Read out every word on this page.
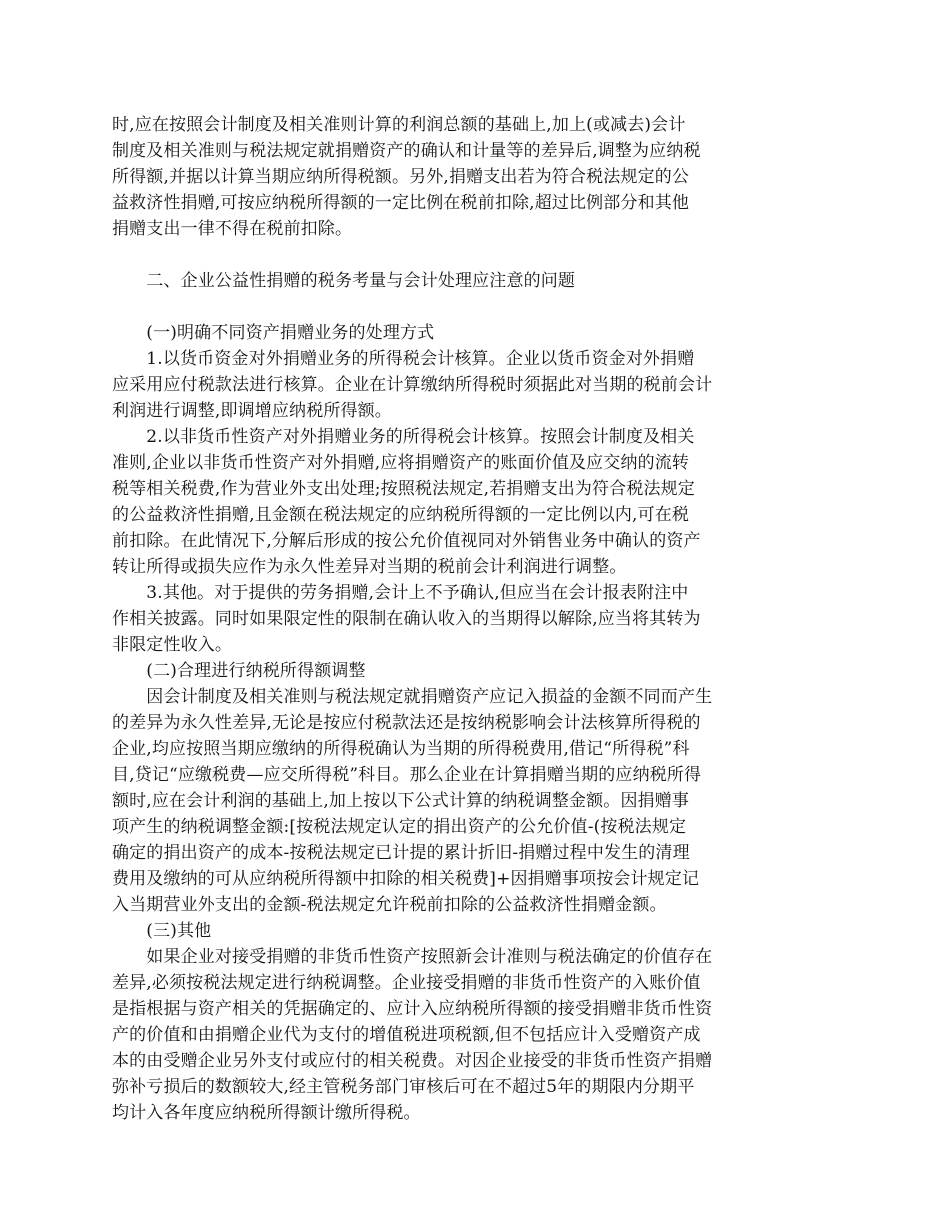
时,应在按照会计制度及相关准则计算的利润总额的基础上,加上(或减去)会计
制度及相关准则与税法规定就捐赠资产的确认和计量等的差异后,调整为应纳税
所得额,并据以计算当期应纳所得税额。另外,捐赠支出若为符合税法规定的公
益救济性捐赠,可按应纳税所得额的一定比例在税前扣除,超过比例部分和其他
捐赠支出一律不得在税前扣除。
　　二、企业公益性捐赠的税务考量与会计处理应注意的问题
　　(一)明确不同资产捐赠业务的处理方式
　　1.以货币资金对外捐赠业务的所得税会计核算。企业以货币资金对外捐赠
应采用应付税款法进行核算。企业在计算缴纳所得税时须据此对当期的税前会计
利润进行调整,即调增应纳税所得额。
　　2.以非货币性资产对外捐赠业务的所得税会计核算。按照会计制度及相关
准则,企业以非货币性资产对外捐赠,应将捐赠资产的账面价值及应交纳的流转
税等相关税费,作为营业外支出处理;按照税法规定,若捐赠支出为符合税法规定
的公益救济性捐赠,且金额在税法规定的应纳税所得额的一定比例以内,可在税
前扣除。在此情况下,分解后形成的按公允价值视同对外销售业务中确认的资产
转让所得或损失应作为永久性差异对当期的税前会计利润进行调整。
　　3.其他。对于提供的劳务捐赠,会计上不予确认,但应当在会计报表附注中
作相关披露。同时如果限定性的限制在确认收入的当期得以解除,应当将其转为
非限定性收入。
　　(二)合理进行纳税所得额调整
　　因会计制度及相关准则与税法规定就捐赠资产应记入损益的金额不同而产生
的差异为永久性差异,无论是按应付税款法还是按纳税影响会计法核算所得税的
企业,均应按照当期应缴纳的所得税确认为当期的所得税费用,借记“所得税”科
目,贷记“应缴税费—应交所得税”科目。那么企业在计算捐赠当期的应纳税所得
额时,应在会计利润的基础上,加上按以下公式计算的纳税调整金额。因捐赠事
项产生的纳税调整金额:[按税法规定认定的捐出资产的公允价值-(按税法规定
确定的捐出资产的成本-按税法规定已计提的累计折旧-捐赠过程中发生的清理
费用及缴纳的可从应纳税所得额中扣除的相关税费]+因捐赠事项按会计规定记
入当期营业外支出的金额-税法规定允许税前扣除的公益救济性捐赠金额。
　　(三)其他
　　如果企业对接受捐赠的非货币性资产按照新会计准则与税法确定的价值存在
差异,必须按税法规定进行纳税调整。企业接受捐赠的非货币性资产的入账价值
是指根据与资产相关的凭据确定的、应计入应纳税所得额的接受捐赠非货币性资
产的价值和由捐赠企业代为支付的增值税进项税额,但不包括应计入受赠资产成
本的由受赠企业另外支付或应付的相关税费。对因企业接受的非货币性资产捐赠
弥补亏损后的数额较大,经主管税务部门审核后可在不超过5年的期限内分期平
均计入各年度应纳税所得额计缴所得税。
